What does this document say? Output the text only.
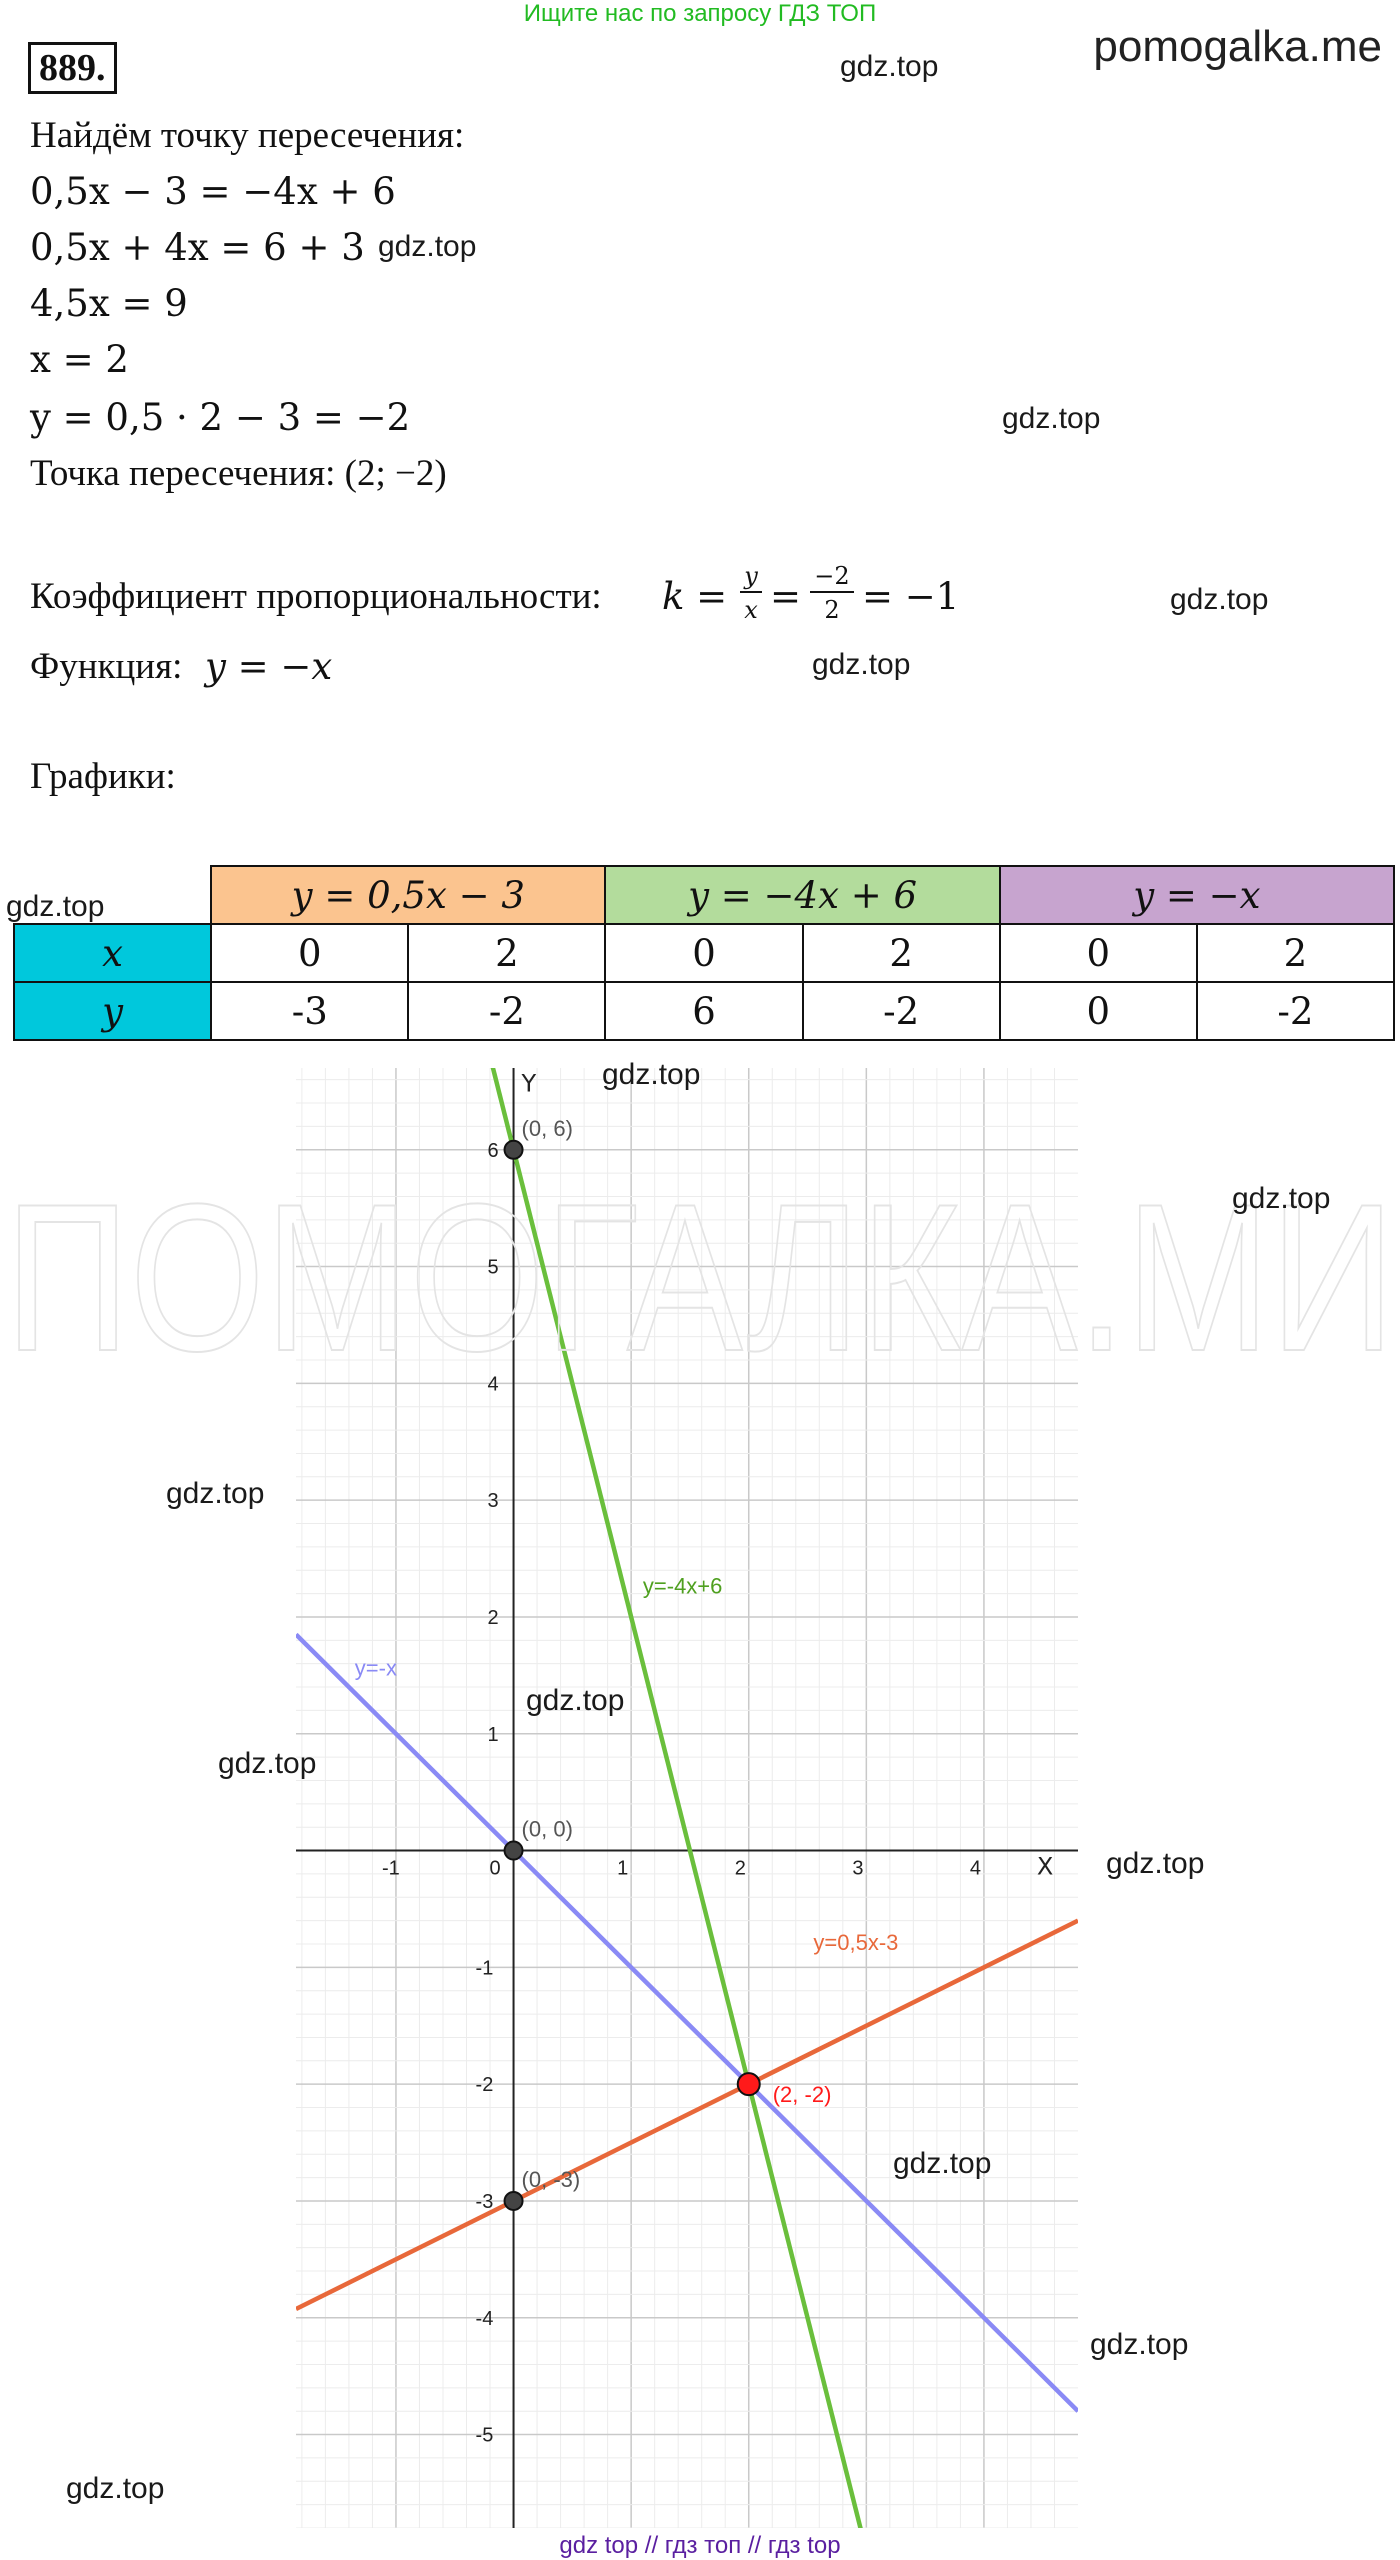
Ищите нас по запросу ГДЗ ТОП
889.	pomogalka.me
Найдём точку пересечения:
0,5x − 3 = −4x + 6
0,5x + 4x = 6 + 3
4,5x = 9
x = 2
y = 0,5 · 2 − 3 = −2
Точка пересечения: (2; −2)
Коэффициент пропорциональности: k = y
x = −2
2 = −1
Функция: y = −x
Графики:
	y = 0,5x − 3		y = −4x + 6		y = −x	
x	0	2	0	2	0	2
y	-3	-2	6	-2	0	-2
X
Y
-1	0	1	2	3	4
-5
-4
-3
-2
-1
1
2
3
4
5
6
y=0,5x-3
y=-4x+6
y=-x
(0, 6)
(0, 0)
(0, -3)
(2, -2)
ПОМОГАЛКА.МИ
gdz.top
gdz.top
gdz.top
gdz.top
gdz.top
gdz.top
gdz.top
gdz.top
gdz.top
gdz.top
gdz.top
gdz.top
gdz.top
gdz.top
gdz.top
gdz top // гдз топ // гдз top
